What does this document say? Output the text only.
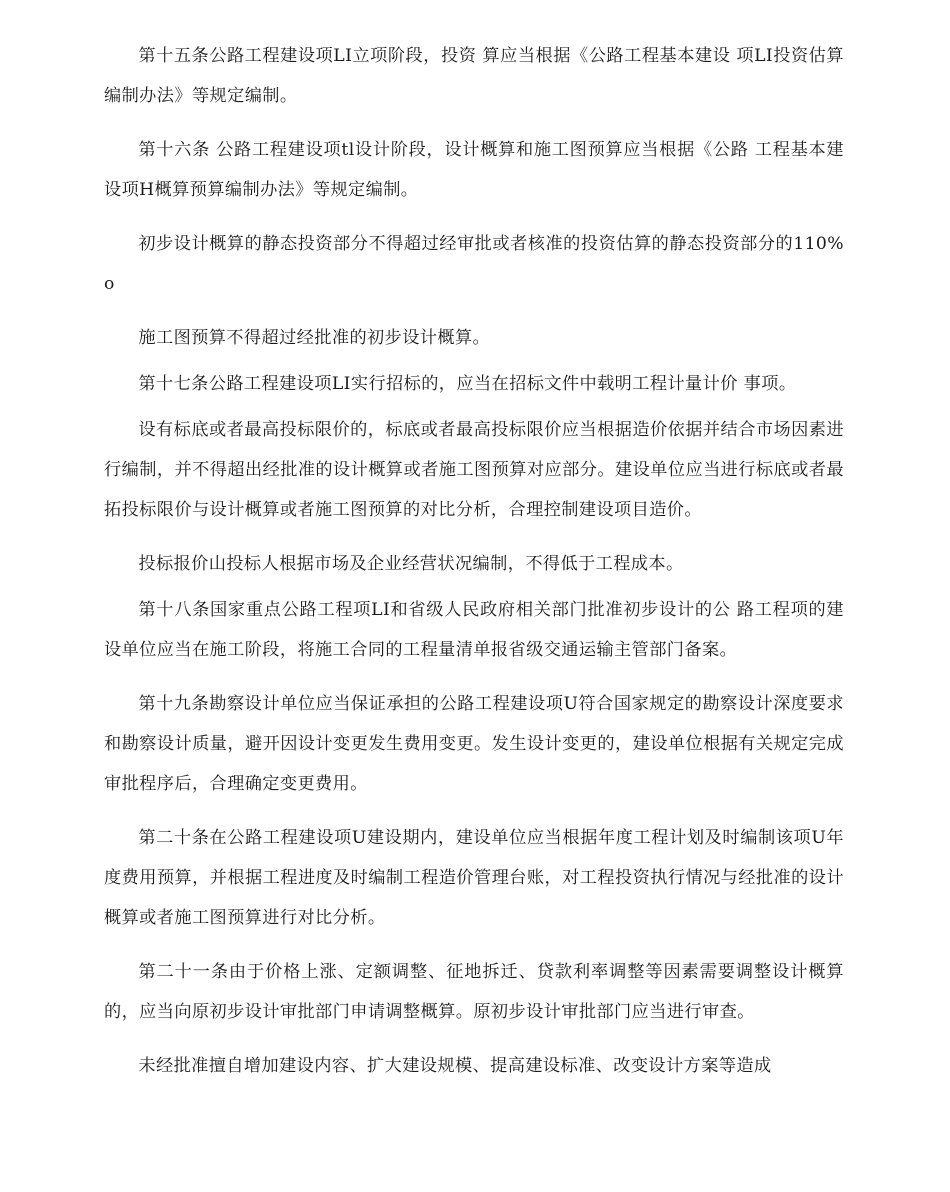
第十五条公路工程建设项LI立项阶段，投资 算应当根据《公路工程基本建设 项LI投资估算编制办法》等规定编制。

第十六条 公路工程建设项tl设计阶段，设计概算和施工图预算应当根据《公路 工程基本建设项H概算预算编制办法》等规定编制。

初步设计概算的静态投资部分不得超过经审批或者核准的投资估算的静态投资部分的110%o

施工图预算不得超过经批准的初步设计概算。

第十七条公路工程建设项LI实行招标的，应当在招标文件中载明工程计量计价 事项。

设有标底或者最高投标限价的，标底或者最高投标限价应当根据造价依据并结合市场因素进行编制，并不得超出经批准的设计概算或者施工图预算对应部分。建设单位应当进行标底或者最拓投标限价与设计概算或者施工图预算的对比分析，合理控制建设项目造价。

投标报价山投标人根据市场及企业经营状况编制，不得低于工程成本。

第十八条国家重点公路工程项LI和省级人民政府相关部门批准初步设计的公 路工程项的建设单位应当在施工阶段，将施工合同的工程量清单报省级交通运输主管部门备案。

第十九条勘察设计单位应当保证承担的公路工程建设项U符合国家规定的勘察设计深度要求和勘察设计质量，避开因设计变更发生费用变更。发生设计变更的，建设单位根据有关规定完成审批程序后，合理确定变更费用。

第二十条在公路工程建设项U建设期内，建设单位应当根据年度工程计划及时编制该项U年度费用预算，并根据工程进度及时编制工程造价管理台账，对工程投资执行情况与经批准的设计概算或者施工图预算进行对比分析。

第二十一条由于价格上涨、定额调整、征地拆迁、贷款利率调整等因素需要调整设计概算的，应当向原初步设计审批部门申请调整概算。原初步设计审批部门应当进行审查。

未经批准擅自增加建设内容、扩大建设规模、提高建设标准、改变设计方案等造成
